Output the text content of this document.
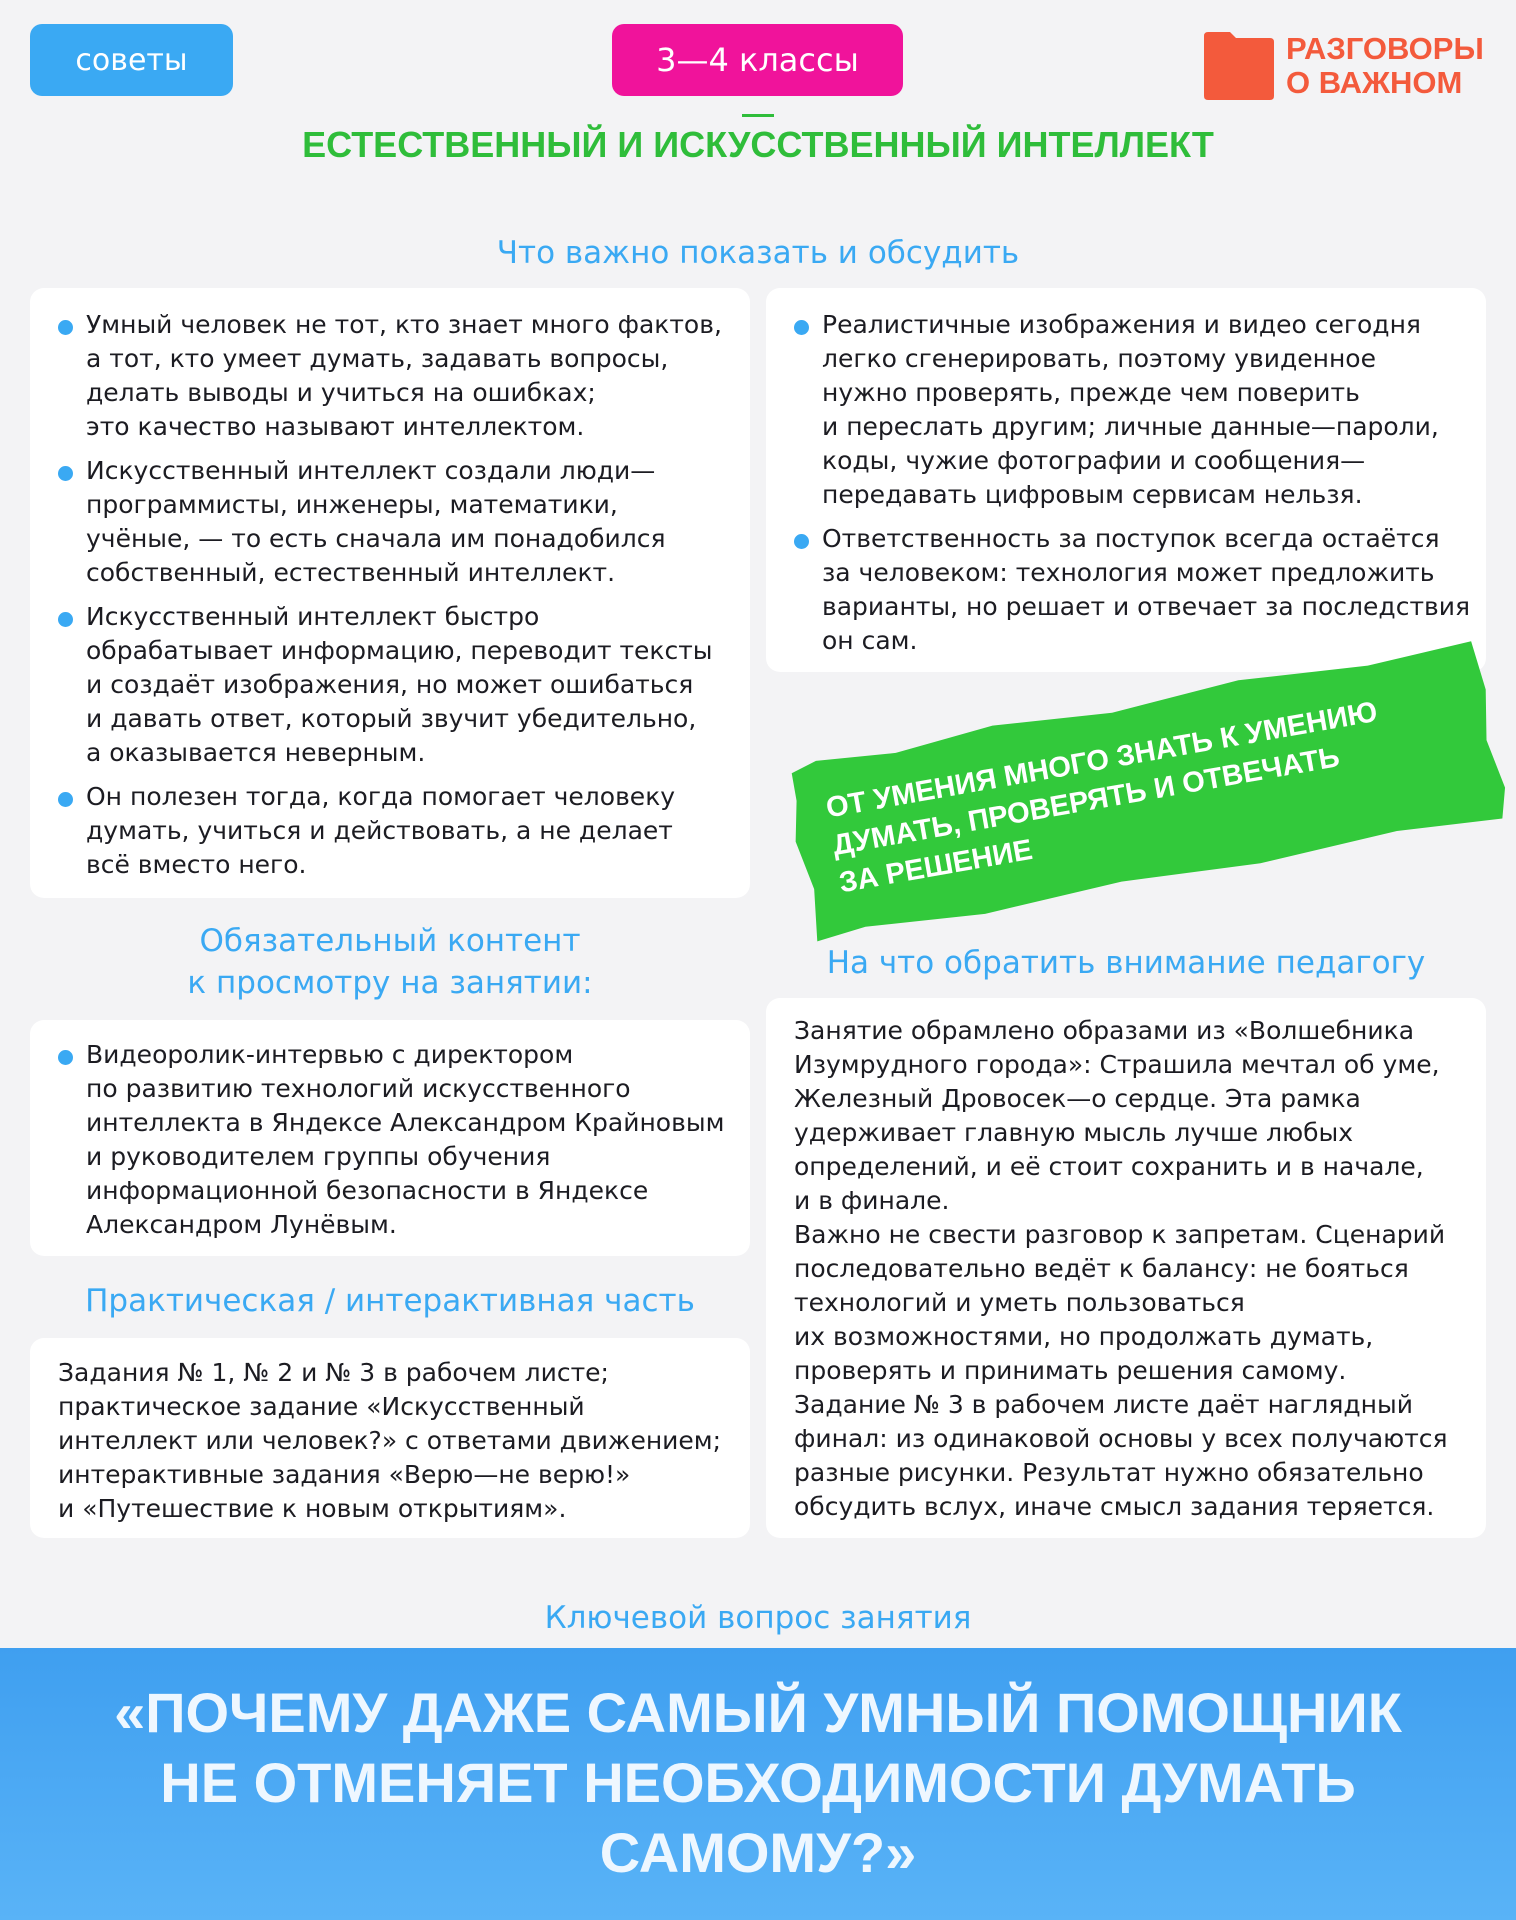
советы	3—4 классы	РАЗГОВОРЫ
О ВАЖНОМ
ЕСТЕСТВЕННЫЙ И ИСКУССТВЕННЫЙ ИНТЕЛЛЕКТ
Что важно показать и обсудить
Умный человек не тот, кто знает много фактов,
а тот, кто умеет думать, задавать вопросы,
делать выводы и учиться на ошибках;
это качество называют интеллектом.
Искусственный интеллект создали люди—
программисты, инженеры, математики,
учёные, — то есть сначала им понадобился
собственный, естественный интеллект.
Искусственный интеллект быстро
обрабатывает информацию, переводит тексты
и создаёт изображения, но может ошибаться
и давать ответ, который звучит убедительно,
а оказывается неверным.
Он полезен тогда, когда помогает человеку
думать, учиться и действовать, а не делает
всё вместо него.
Реалистичные изображения и видео сегодня
легко сгенерировать, поэтому увиденное
нужно проверять, прежде чем поверить
и переслать другим; личные данные—пароли,
коды, чужие фотографии и сообщения—
передавать цифровым сервисам нельзя.
Ответственность за поступок всегда остаётся
за человеком: технология может предложить
варианты, но решает и отвечает за последствия
он сам.
ОТ УМЕНИЯ МНОГО ЗНАТЬ К УМЕНИЮ
ДУМАТЬ, ПРОВЕРЯТЬ И ОТВЕЧАТЬ
ЗА РЕШЕНИЕ
Обязательный контент
к просмотру на занятии:
Видеоролик-интервью с директором
по развитию технологий искусственного
интеллекта в Яндексе Александром Крайновым
и руководителем группы обучения
информационной безопасности в Яндексе
Александром Лунёвым.
Практическая / интерактивная часть

Задания № 1, № 2 и № 3 в рабочем листе;
практическое задание «Искусственный
интеллект или человек?» с ответами движением;
интерактивные задания «Верю—не верю!»
и «Путешествие к новым открытиям».

На что обратить внимание педагогу

Занятие обрамлено образами из «Волшебника
Изумрудного города»: Страшила мечтал об уме,
Железный Дровосек—о сердце. Эта рамка
удерживает главную мысль лучше любых
определений, и её стоит сохранить и в начале,
и в финале.
Важно не свести разговор к запретам. Сценарий
последовательно ведёт к балансу: не бояться
технологий и уметь пользоваться
их возможностями, но продолжать думать,
проверять и принимать решения самому.
Задание № 3 в рабочем листе даёт наглядный
финал: из одинаковой основы у всех получаются
разные рисунки. Результат нужно обязательно
обсудить вслух, иначе смысл задания теряется.

Ключевой вопрос занятия
«ПОЧЕМУ ДАЖЕ САМЫЙ УМНЫЙ ПОМОЩНИК
НЕ ОТМЕНЯЕТ НЕОБХОДИМОСТИ ДУМАТЬ
САМОМУ?»
